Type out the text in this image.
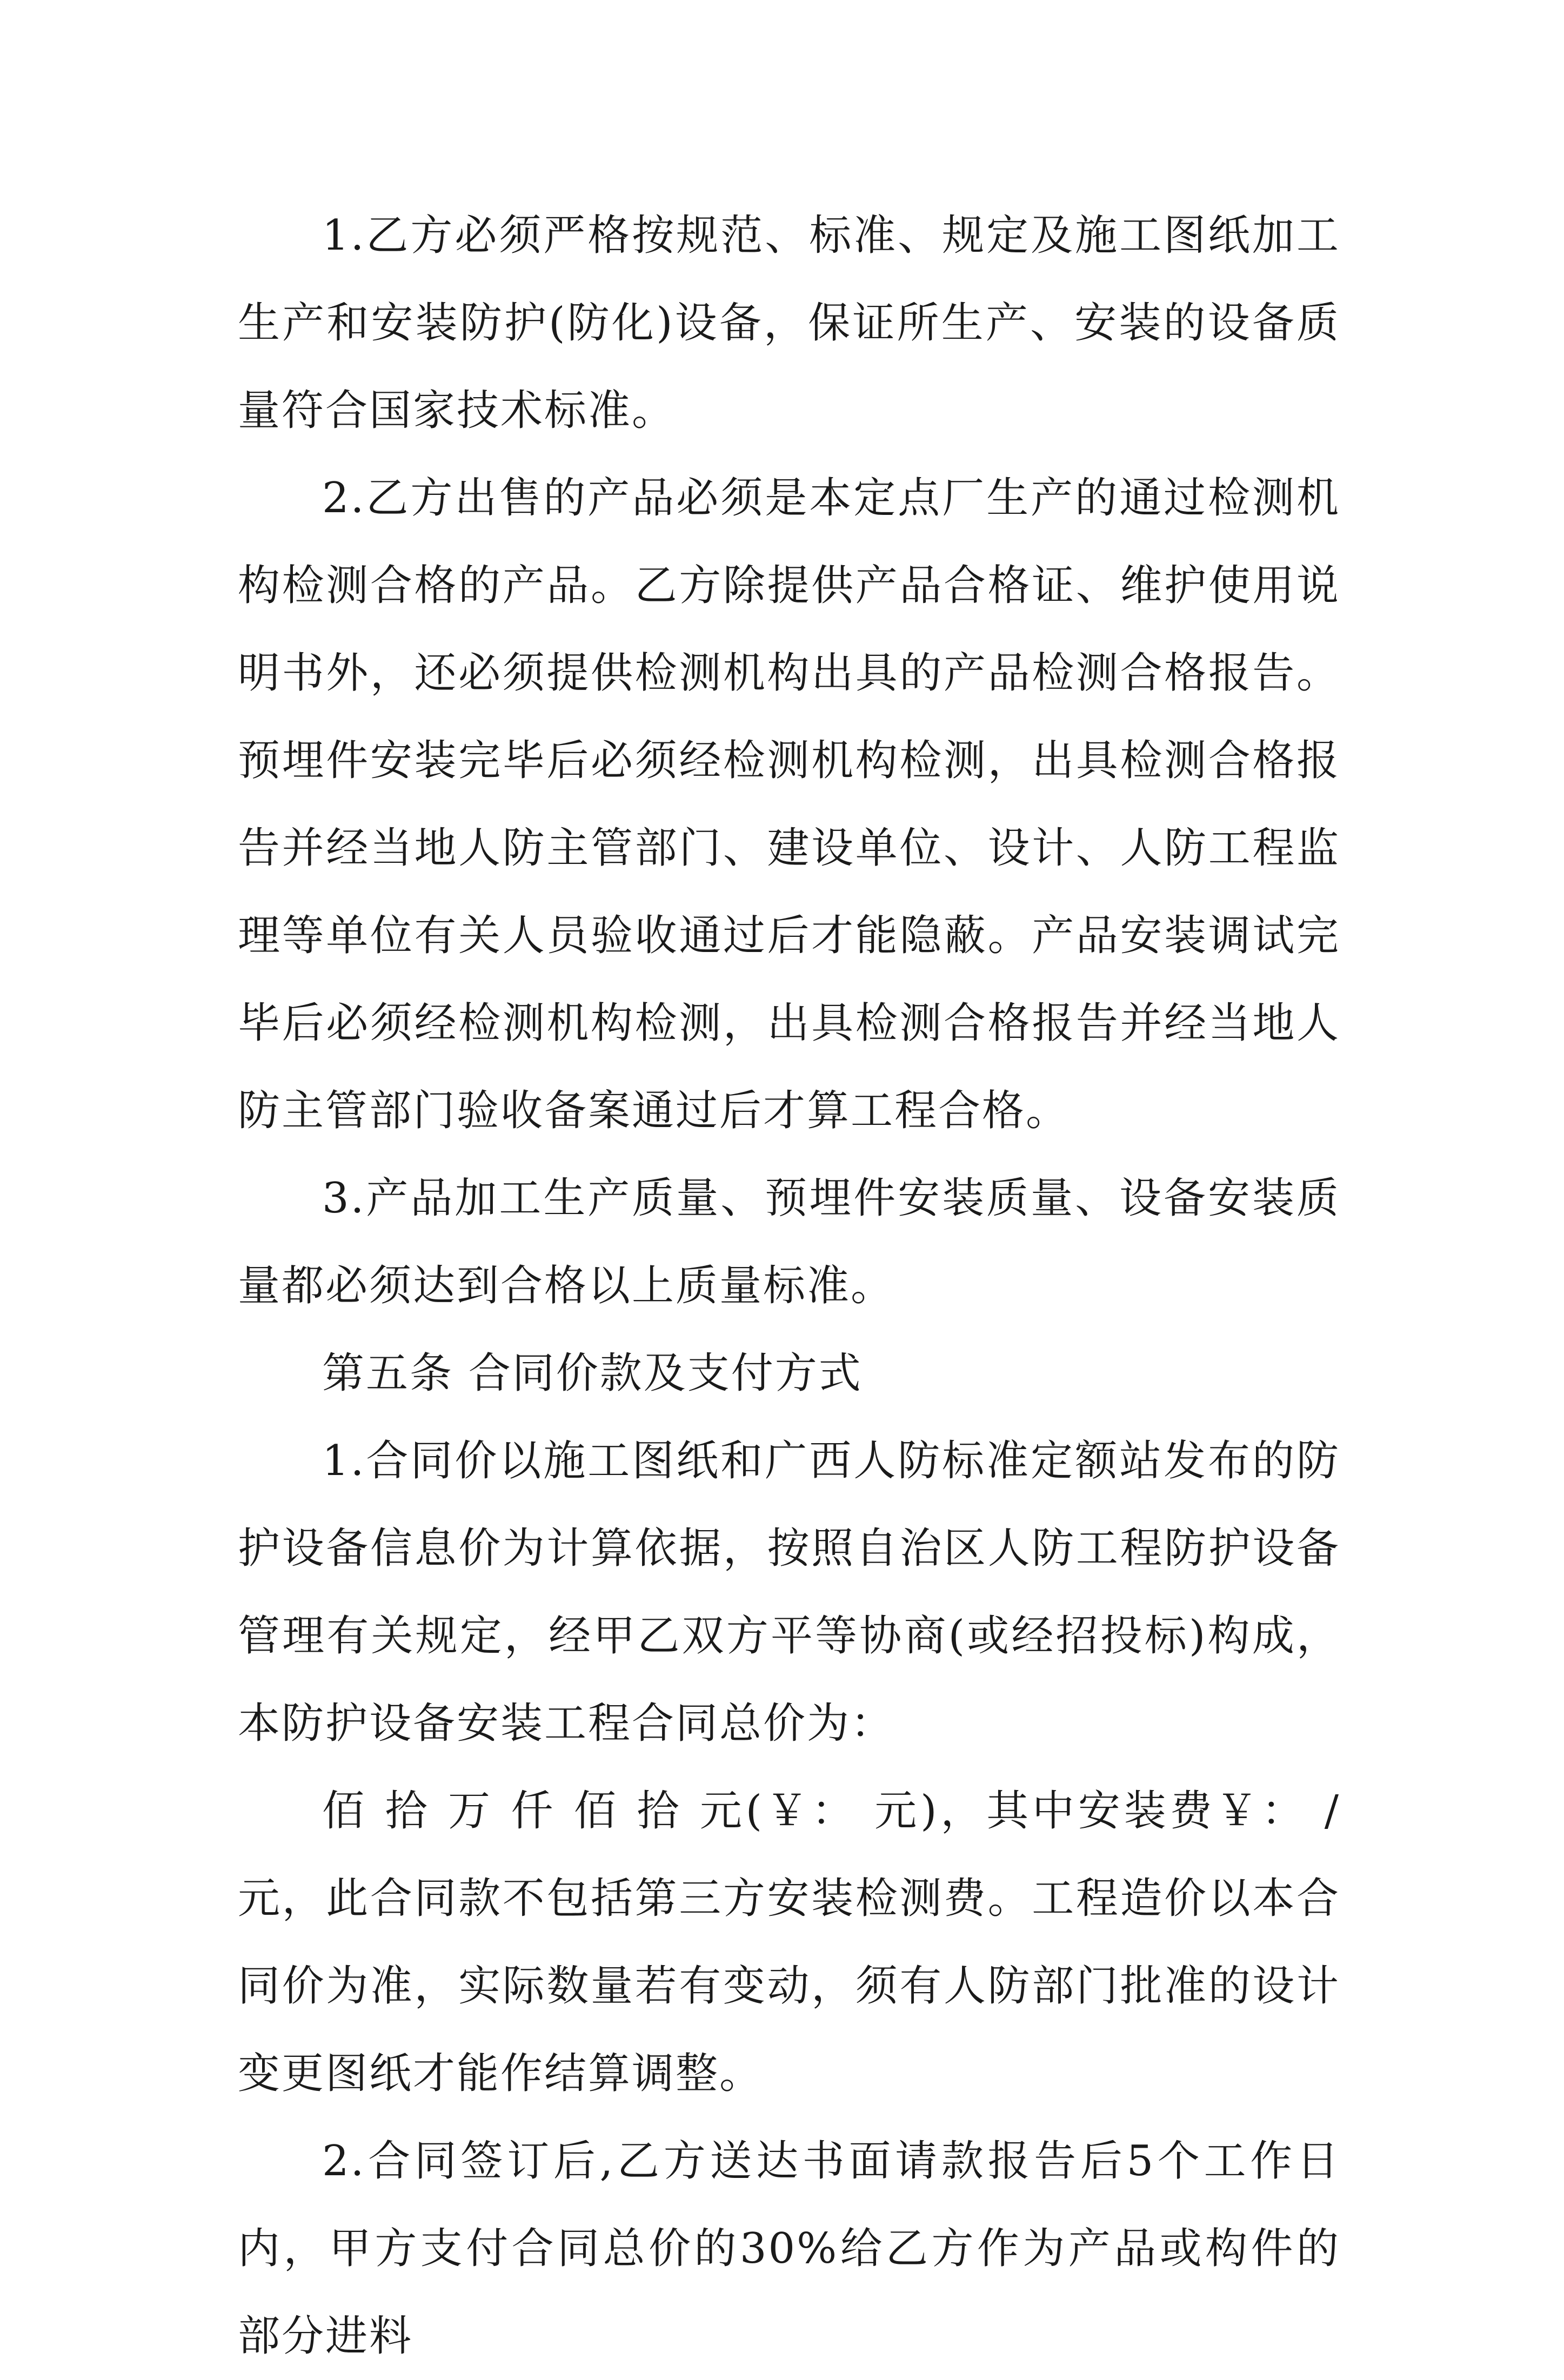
1.乙方必须严格按规范、标准、规定及施工图纸加工生产和安装防护(防化)设备，保证所生产、安装的设备质量符合国家技术标准。

2.乙方出售的产品必须是本定点厂生产的通过检测机构检测合格的产品。乙方除提供产品合格证、维护使用说明书外，还必须提供检测机构出具的产品检测合格报告。预埋件安装完毕后必须经检测机构检测，出具检测合格报告并经当地人防主管部门、建设单位、设计、人防工程监理等单位有关人员验收通过后才能隐蔽。产品安装调试完毕后必须经检测机构检测，出具检测合格报告并经当地人防主管部门验收备案通过后才算工程合格。

3.产品加工生产质量、预埋件安装质量、设备安装质量都必须达到合格以上质量标准。

第五条 合同价款及支付方式

1.合同价以施工图纸和广西人防标准定额站发布的防护设备信息价为计算依据，按照自治区人防工程防护设备管理有关规定，经甲乙双方平等协商(或经招投标)构成，本防护设备安装工程合同总价为：

佰 拾 万 仟 佰 拾 元(￥： 元)，其中安装费￥： /元，此合同款不包括第三方安装检测费。工程造价以本合同价为准，实际数量若有变动，须有人防部门批准的设计变更图纸才能作结算调整。

2.合同签订后,乙方送达书面请款报告后5个工作日内，甲方支付合同总价的30%给乙方作为产品或构件的部分进料
